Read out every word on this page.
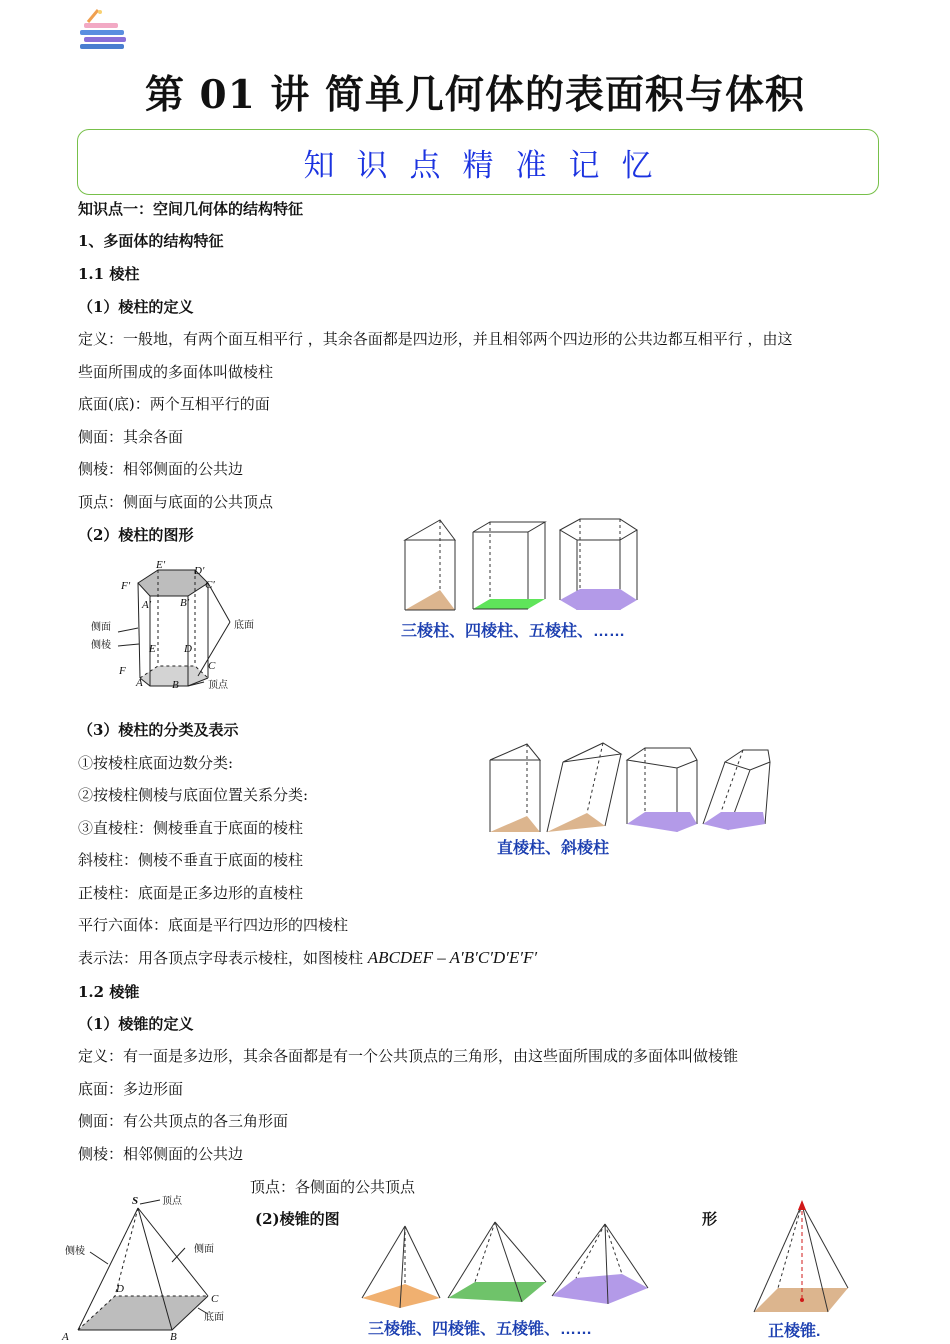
第 01 讲 简单几何体的表面积与体积
知识点精准记忆
知识点一：空间几何体的结构特征
1、多面体的结构特征
1.1 棱柱
（1）棱柱的定义
定义：一般地，有两个面互相平行 ，其余各面都是四边形，并且相邻两个四边形的公共边都互相平行 ，由这
些面所围成的多面体叫做棱柱
底面(底)：两个互相平行的面
侧面：其余各面
侧棱：相邻侧面的公共边
顶点：侧面与底面的公共顶点
（2）棱柱的图形
（3）棱柱的分类及表示
①按棱柱底面边数分类:
②按棱柱侧棱与底面位置关系分类:
③直棱柱：侧棱垂直于底面的棱柱
斜棱柱：侧棱不垂直于底面的棱柱
正棱柱：底面是正多边形的直棱柱
平行六面体：底面是平行四边形的四棱柱
表示法：用各顶点字母表示棱柱，如图棱柱 ABCDEF – A′B′C′D′E′F′
1.2 棱锥
（1）棱锥的定义
定义：有一面是多边形，其余各面都是有一个公共顶点的三角形，由这些面所围成的多面体叫做棱锥
底面：多边形面
侧面：有公共顶点的各三角形面
侧棱：相邻侧面的公共边
顶点：各侧面的公共顶点
(2)棱锥的图	形
F′
E′	D′
C′
A′	B′
F
E	D
C
A	B
侧面
侧棱
底面
顶点
三棱柱、四棱柱、五棱柱、……
直棱柱、斜棱柱
S
D
C
A	B
顶点
侧棱	侧面
底面
三棱锥、四棱锥、五棱锥、……	正棱锥.
